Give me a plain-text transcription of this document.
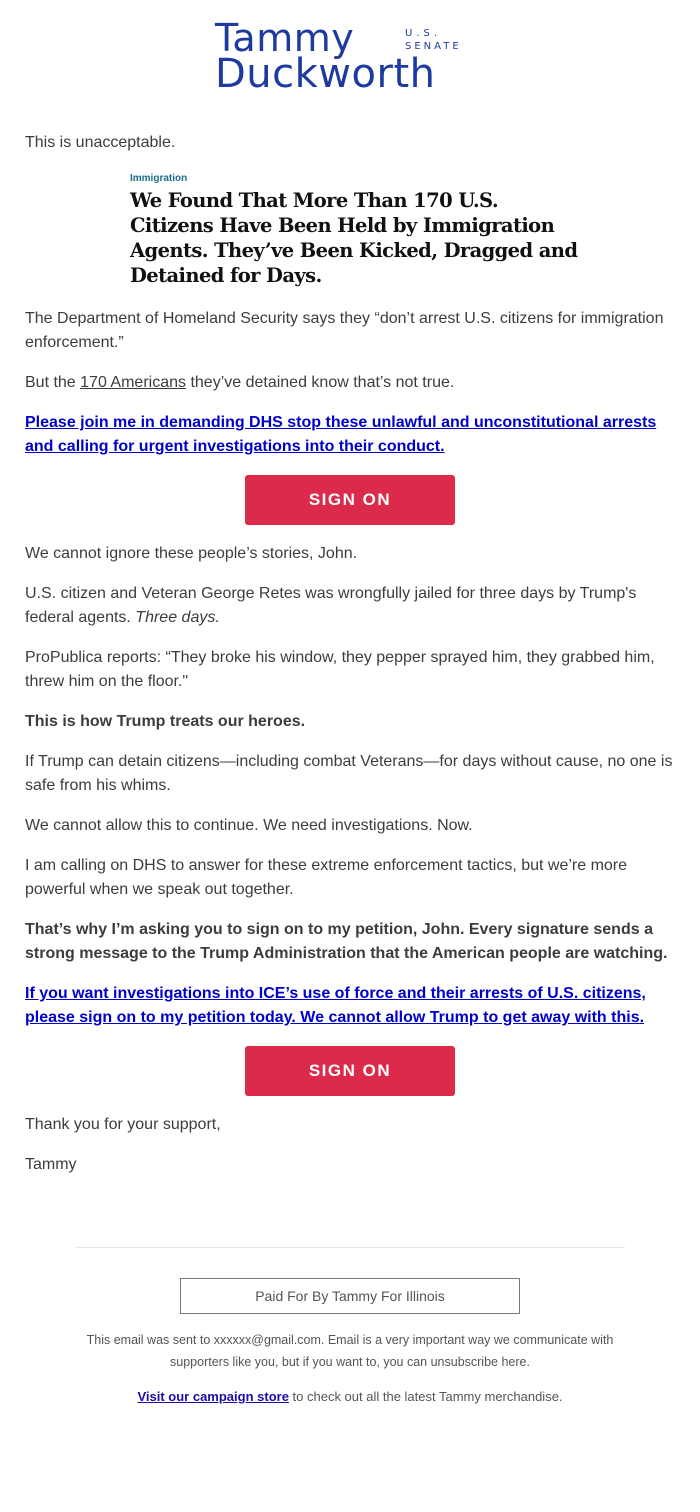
Tammy
Duckworth
U.S.
SENATE

This is unacceptable.

Immigration
We Found That More Than 170 U.S. Citizens Have Been Held by Immigration Agents. They’ve Been Kicked, Dragged and Detained for Days.

The Department of Homeland Security says they “don’t arrest U.S. citizens for immigration enforcement.”

But the 170 Americans they’ve detained know that’s not true.

Please join me in demanding DHS stop these unlawful and unconstitutional arrests and calling for urgent investigations into their conduct.

SIGN ON

We cannot ignore these people’s stories, John.

U.S. citizen and Veteran George Retes was wrongfully jailed for three days by Trump's federal agents. Three days.

ProPublica reports: “They broke his window, they pepper sprayed him, they grabbed him, threw him on the floor."

This is how Trump treats our heroes.

If Trump can detain citizens—including combat Veterans—for days without cause, no one is safe from his whims.

We cannot allow this to continue. We need investigations. Now.

I am calling on DHS to answer for these extreme enforcement tactics, but we’re more powerful when we speak out together.

That’s why I’m asking you to sign on to my petition, John. Every signature sends a strong message to the Trump Administration that the American people are watching.

If you want investigations into ICE’s use of force and their arrests of U.S. citizens, please sign on to my petition today. We cannot allow Trump to get away with this.

SIGN ON

Thank you for your support,

Tammy

Paid For By Tammy For Illinois

This email was sent to xxxxxx@gmail.com. Email is a very important way we communicate with supporters like you, but if you want to, you can unsubscribe here.

Visit our campaign store to check out all the latest Tammy merchandise.
